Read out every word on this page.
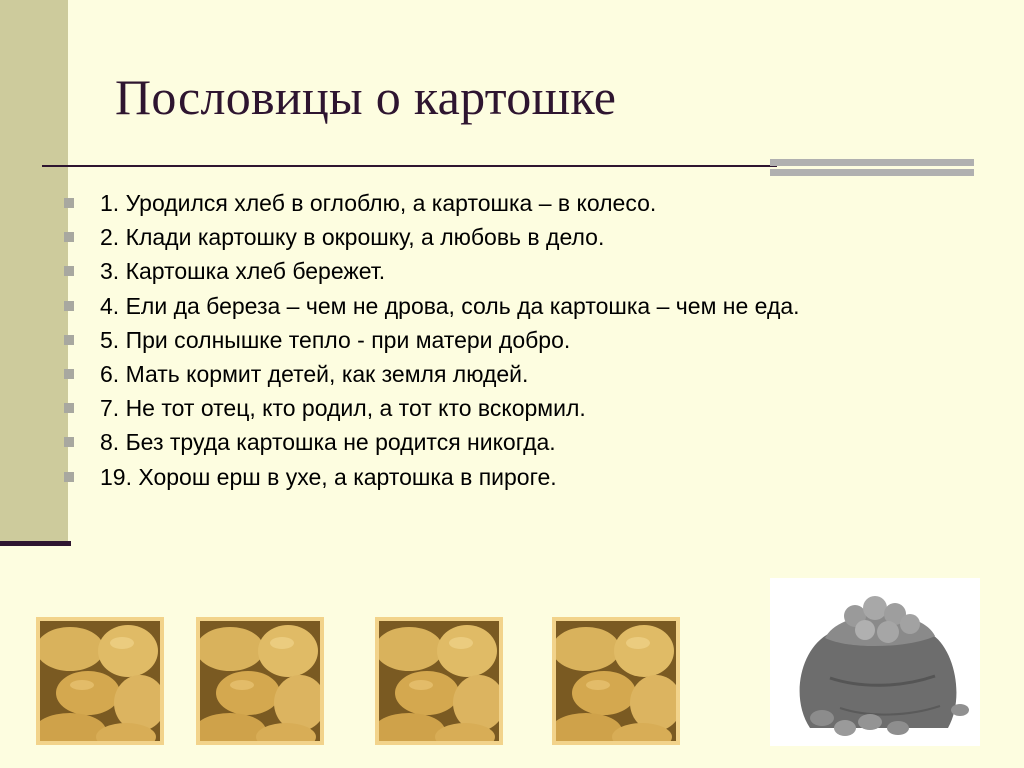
Пословицы о картошке
1. Уродился хлеб в оглоблю, а картошка – в колесо.
2. Клади картошку в окрошку, а любовь в дело.
3. Картошка хлеб бережет.
4. Ели да береза – чем не дрова, соль да картошка – чем не еда.
5. При солнышке тепло - при матери добро.
6. Мать кормит детей, как земля людей.
7. Не тот отец, кто родил, а тот кто вскормил.
8. Без труда картошка не родится никогда.
19. Хорош ерш в ухе, а картошка в пироге.
